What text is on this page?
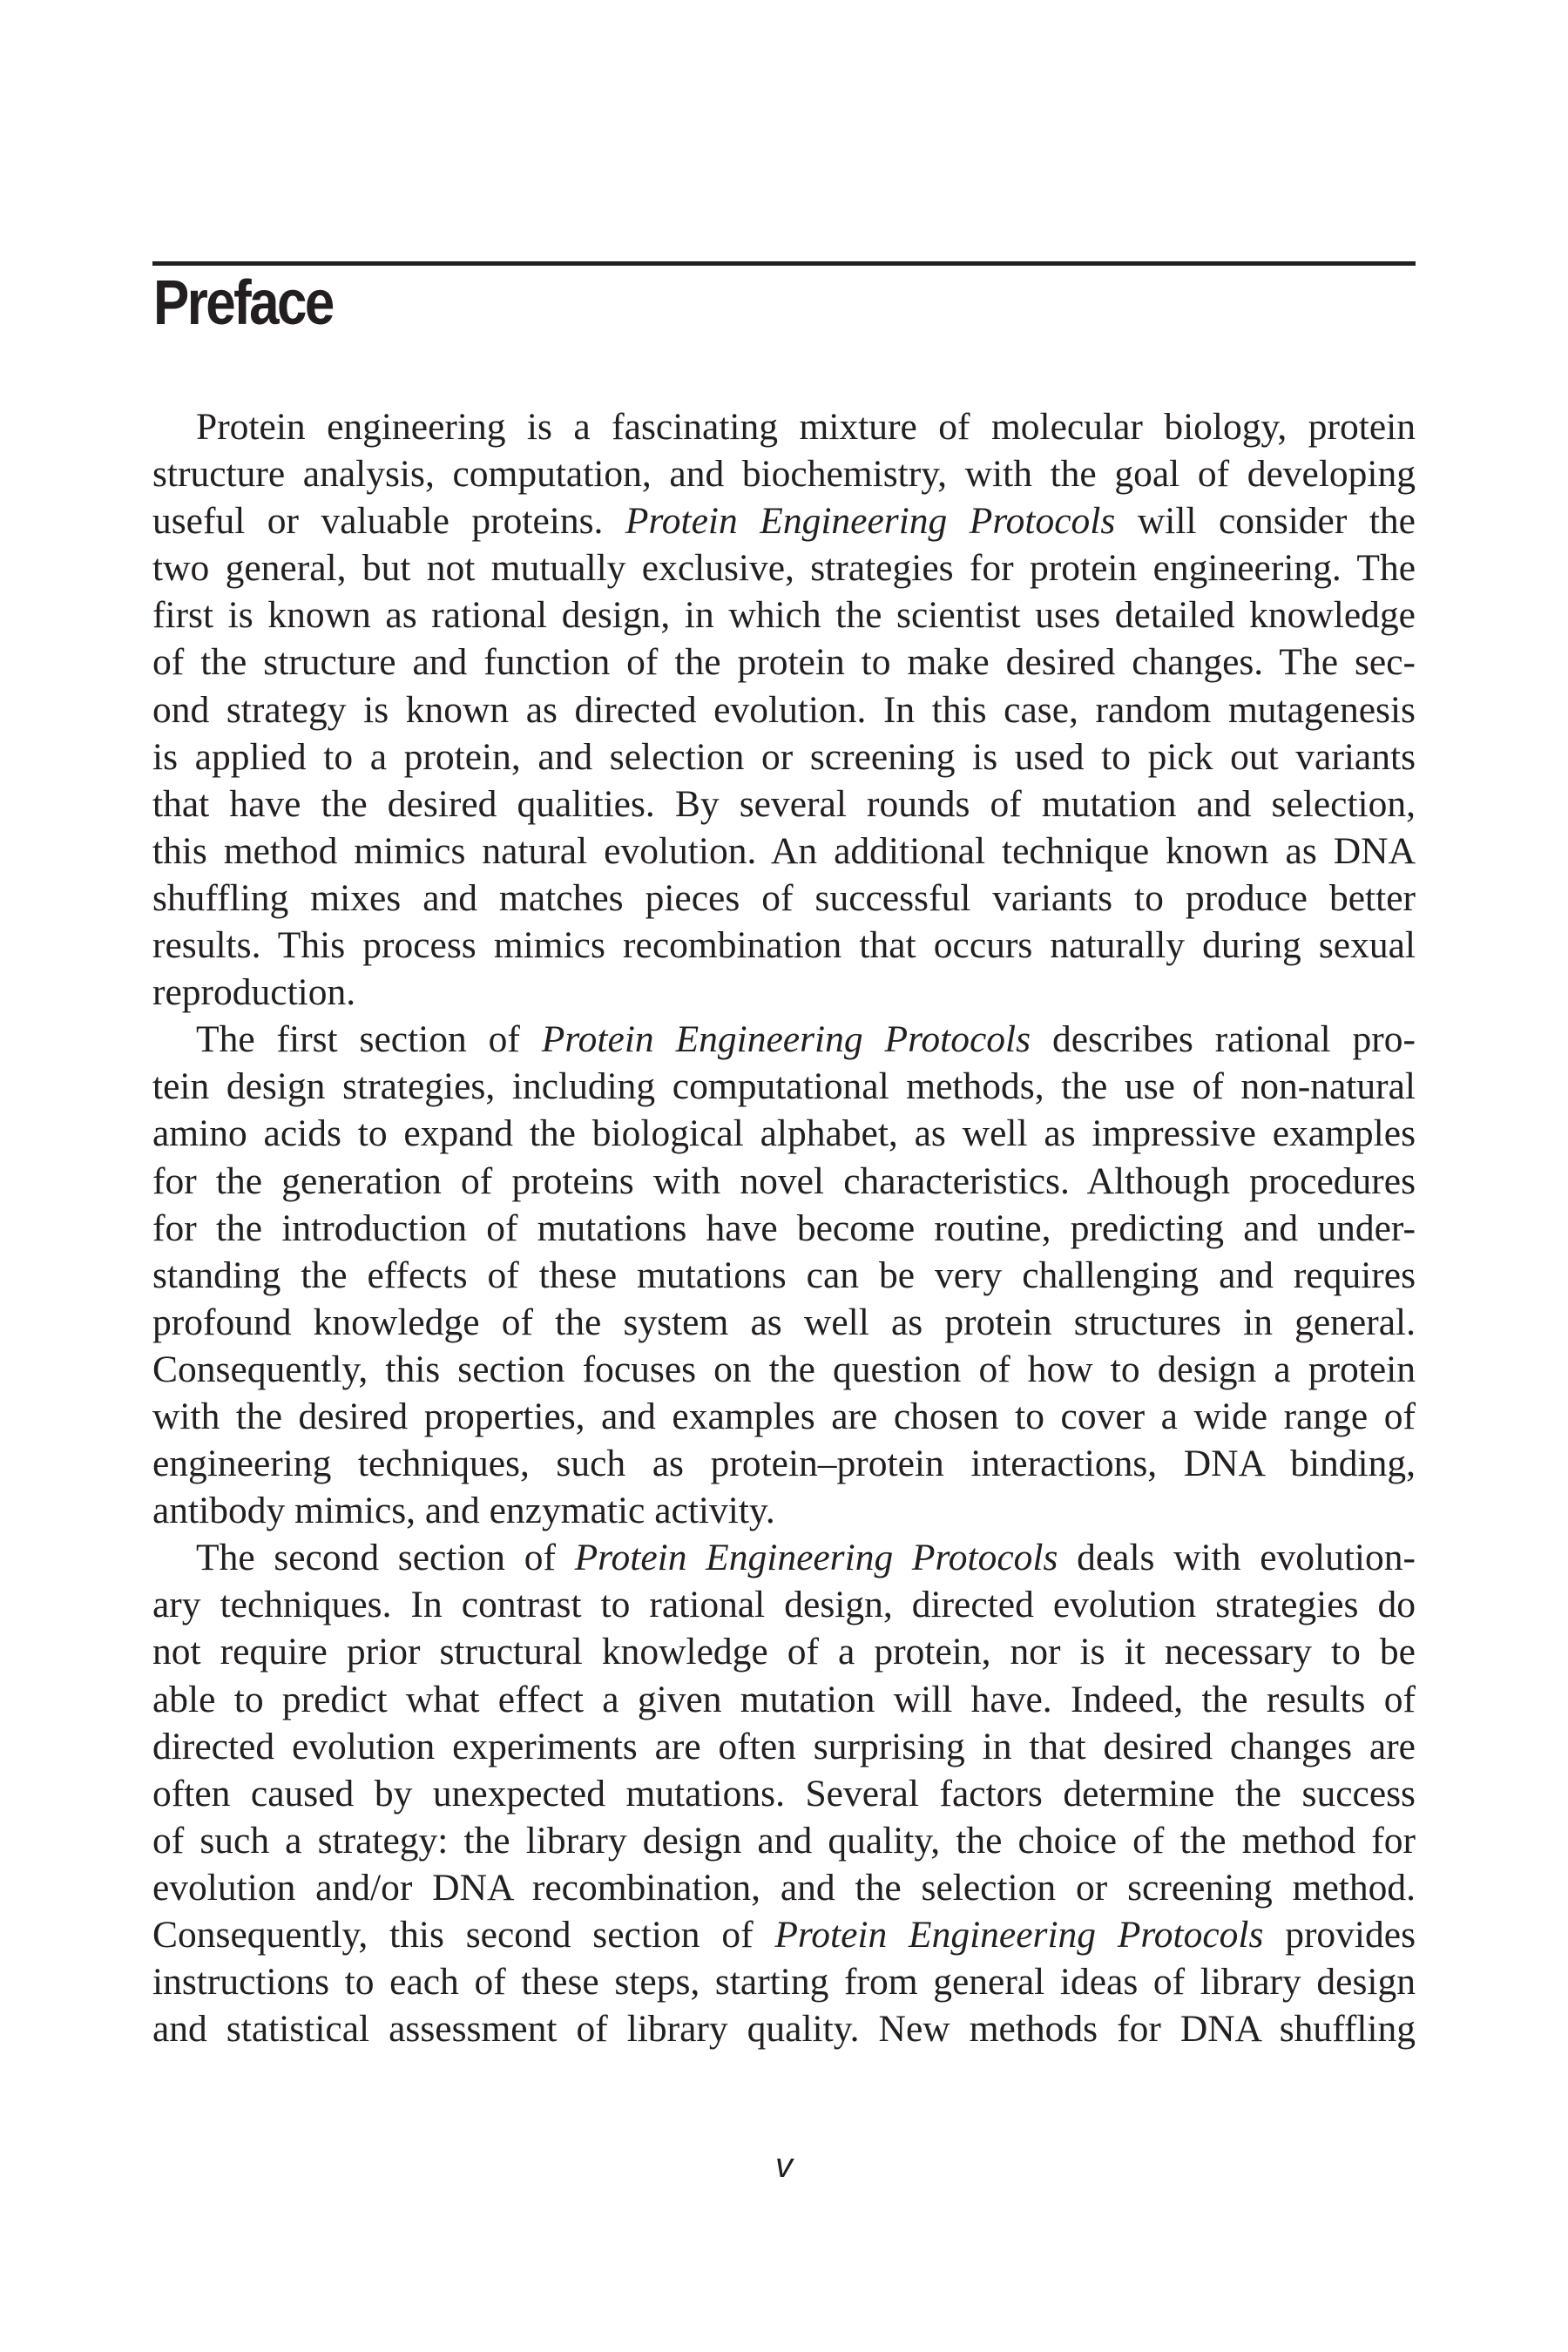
Preface
Protein engineering is a fascinating mixture of molecular biology, protein
structure analysis, computation, and biochemistry, with the goal of developing
useful or valuable proteins. Protein Engineering Protocols will consider the
two general, but not mutually exclusive, strategies for protein engineering. The
first is known as rational design, in which the scientist uses detailed knowledge
of the structure and function of the protein to make desired changes. The sec-
ond strategy is known as directed evolution. In this case, random mutagenesis
is applied to a protein, and selection or screening is used to pick out variants
that have the desired qualities. By several rounds of mutation and selection,
this method mimics natural evolution. An additional technique known as DNA
shuffling mixes and matches pieces of successful variants to produce better
results. This process mimics recombination that occurs naturally during sexual
reproduction.
The first section of Protein Engineering Protocols describes rational pro-
tein design strategies, including computational methods, the use of non-natural
amino acids to expand the biological alphabet, as well as impressive examples
for the generation of proteins with novel characteristics. Although procedures
for the introduction of mutations have become routine, predicting and under-
standing the effects of these mutations can be very challenging and requires
profound knowledge of the system as well as protein structures in general.
Consequently, this section focuses on the question of how to design a protein
with the desired properties, and examples are chosen to cover a wide range of
engineering techniques, such as protein–protein interactions, DNA binding,
antibody mimics, and enzymatic activity.
The second section of Protein Engineering Protocols deals with evolution-
ary techniques. In contrast to rational design, directed evolution strategies do
not require prior structural knowledge of a protein, nor is it necessary to be
able to predict what effect a given mutation will have. Indeed, the results of
directed evolution experiments are often surprising in that desired changes are
often caused by unexpected mutations. Several factors determine the success
of such a strategy: the library design and quality, the choice of the method for
evolution and/or DNA recombination, and the selection or screening method.
Consequently, this second section of Protein Engineering Protocols provides
instructions to each of these steps, starting from general ideas of library design
and statistical assessment of library quality. New methods for DNA shuffling
v
